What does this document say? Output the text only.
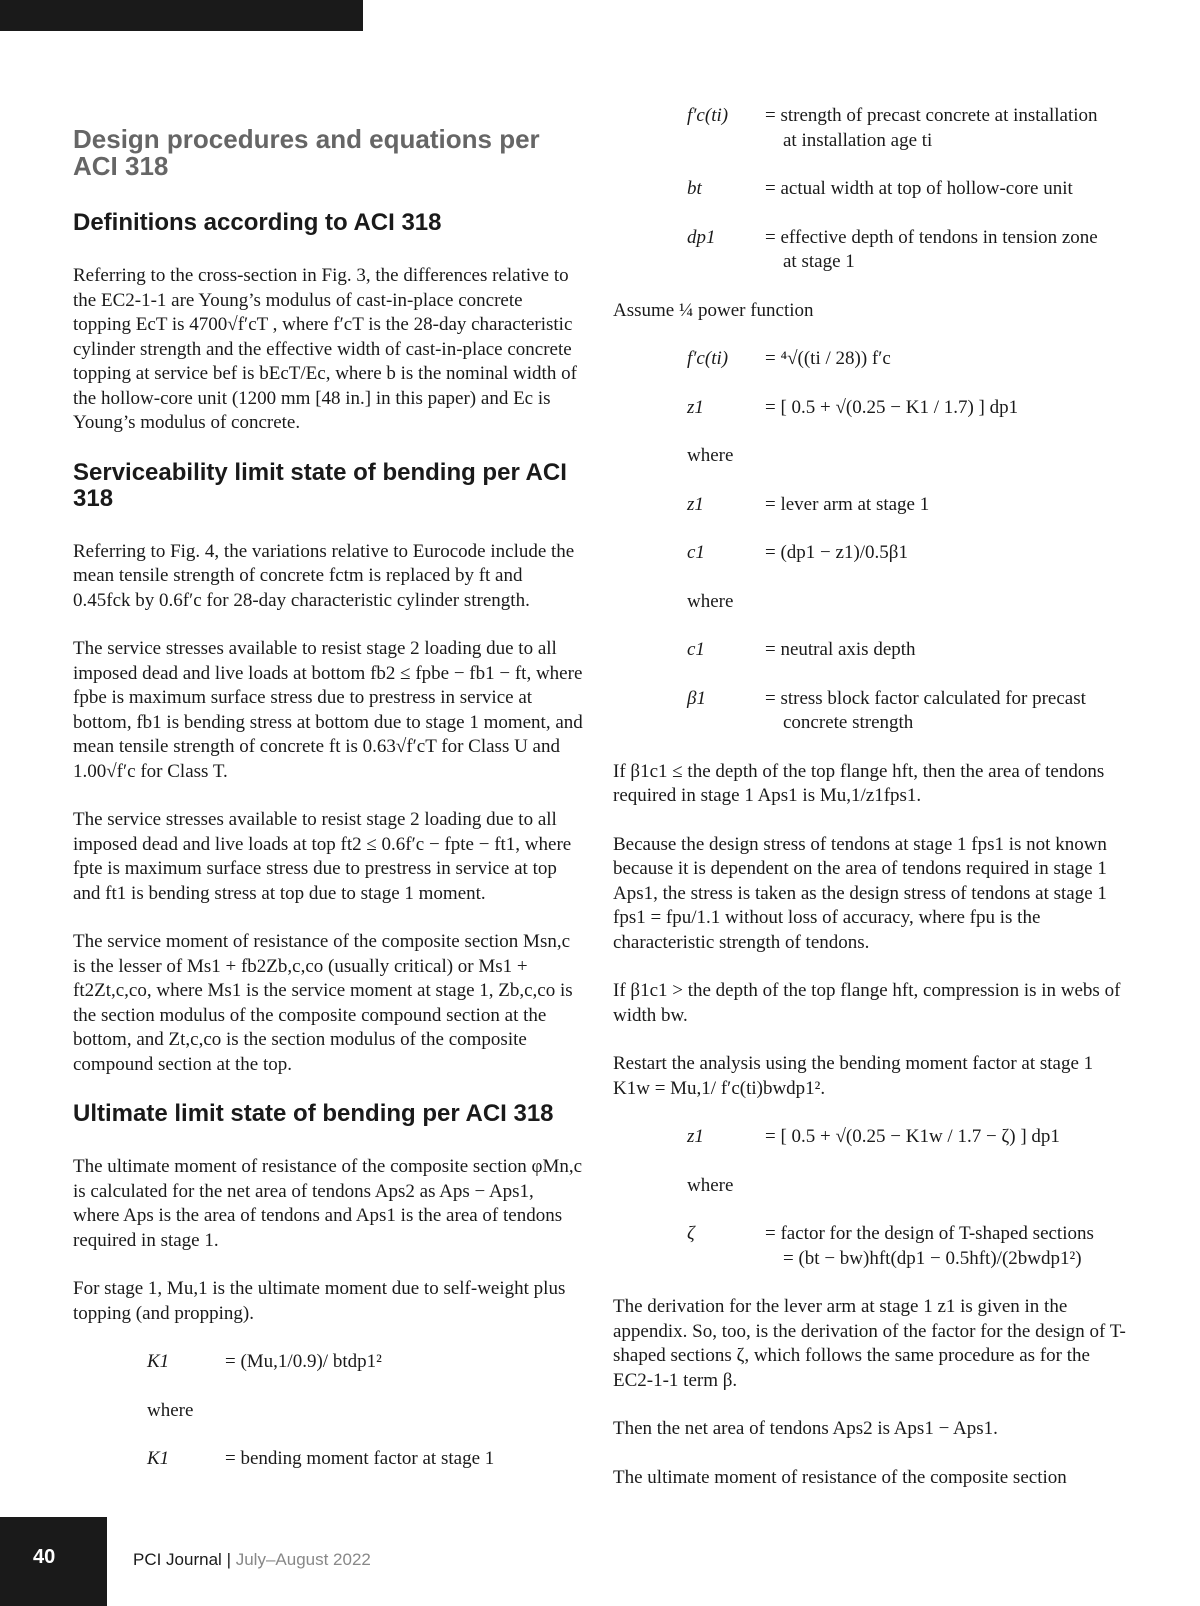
Design procedures and equations per ACI 318
Definitions according to ACI 318

Referring to the cross-section in Fig. 3, the differences relative to the EC2-1-1 are Young’s modulus of cast-in-place concrete topping EcT is 4700√f′cT , where f′cT is the 28-day characteristic cylinder strength and the effective width of cast-in-place concrete topping at service bef is bEcT/Ec, where b is the nominal width of the hollow-core unit (1200 mm [48 in.] in this paper) and Ec is Young’s modulus of concrete.

Serviceability limit state of bending per ACI 318

Referring to Fig. 4, the variations relative to Eurocode include the mean tensile strength of concrete fctm is replaced by ft and 0.45fck by 0.6f′c for 28-day characteristic cylinder strength.

The service stresses available to resist stage 2 loading due to all imposed dead and live loads at bottom fb2 ≤ fpbe − fb1 − ft, where fpbe is maximum surface stress due to prestress in service at bottom, fb1 is bending stress at bottom due to stage 1 moment, and mean tensile strength of concrete ft is 0.63√f′cT for Class U and 1.00√f′c for Class T.

The service stresses available to resist stage 2 loading due to all imposed dead and live loads at top ft2 ≤ 0.6f′c − fpte − ft1, where fpte is maximum surface stress due to prestress in service at top and ft1 is bending stress at top due to stage 1 moment.

The service moment of resistance of the composite section Msn,c is the lesser of Ms1 + fb2Zb,c,co (usually critical) or Ms1 + ft2Zt,c,co, where Ms1 is the service moment at stage 1, Zb,c,co is the section modulus of the composite compound section at the bottom, and Zt,c,co is the section modulus of the composite compound section at the top.

Ultimate limit state of bending per ACI 318

The ultimate moment of resistance of the composite section φMn,c is calculated for the net area of tendons Aps2 as Aps − Aps1, where Aps is the area of tendons and Aps1 is the area of tendons required in stage 1.

For stage 1, Mu,1 is the ultimate moment due to self-weight plus topping (and propping).

K1	= (Mu,1/0.9)/ btdp1²
where
K1	= bending moment factor at stage 1
f′c(ti)	= strength of precast concrete at installation
at installation age ti
bt	= actual width at top of hollow-core unit
dp1	= effective depth of tendons in tension zone
at stage 1

Assume ¼ power function

f′c(ti)	= ⁴√((ti / 28)) f′c
z1	= [ 0.5 + √(0.25 − K1 / 1.7) ] dp1
where
z1	= lever arm at stage 1
c1	= (dp1 − z1)/0.5β1
where
c1	= neutral axis depth
β1	= stress block factor calculated for precast
concrete strength

If β1c1 ≤ the depth of the top flange hft, then the area of tendons required in stage 1 Aps1 is Mu,1/z1fps1.

Because the design stress of tendons at stage 1 fps1 is not known because it is dependent on the area of tendons required in stage 1 Aps1, the stress is taken as the design stress of tendons at stage 1 fps1 = fpu/1.1 without loss of accuracy, where fpu is the characteristic strength of tendons.

If β1c1 > the depth of the top flange hft, compression is in webs of width bw.

Restart the analysis using the bending moment factor at stage 1 K1w = Mu,1/ f′c(ti)bwdp1².

z1	= [ 0.5 + √(0.25 − K1w / 1.7 − ζ) ] dp1
where
ζ	= factor for the design of T-shaped sections
= (bt − bw)hft(dp1 − 0.5hft)/(2bwdp1²)

The derivation for the lever arm at stage 1 z1 is given in the appendix. So, too, is the derivation of the factor for the design of T-shaped sections ζ, which follows the same procedure as for the EC2-1-1 term β.

Then the net area of tendons Aps2 is Aps1 − Aps1.

The ultimate moment of resistance of the composite section

40	PCI Journal | July–August 2022
